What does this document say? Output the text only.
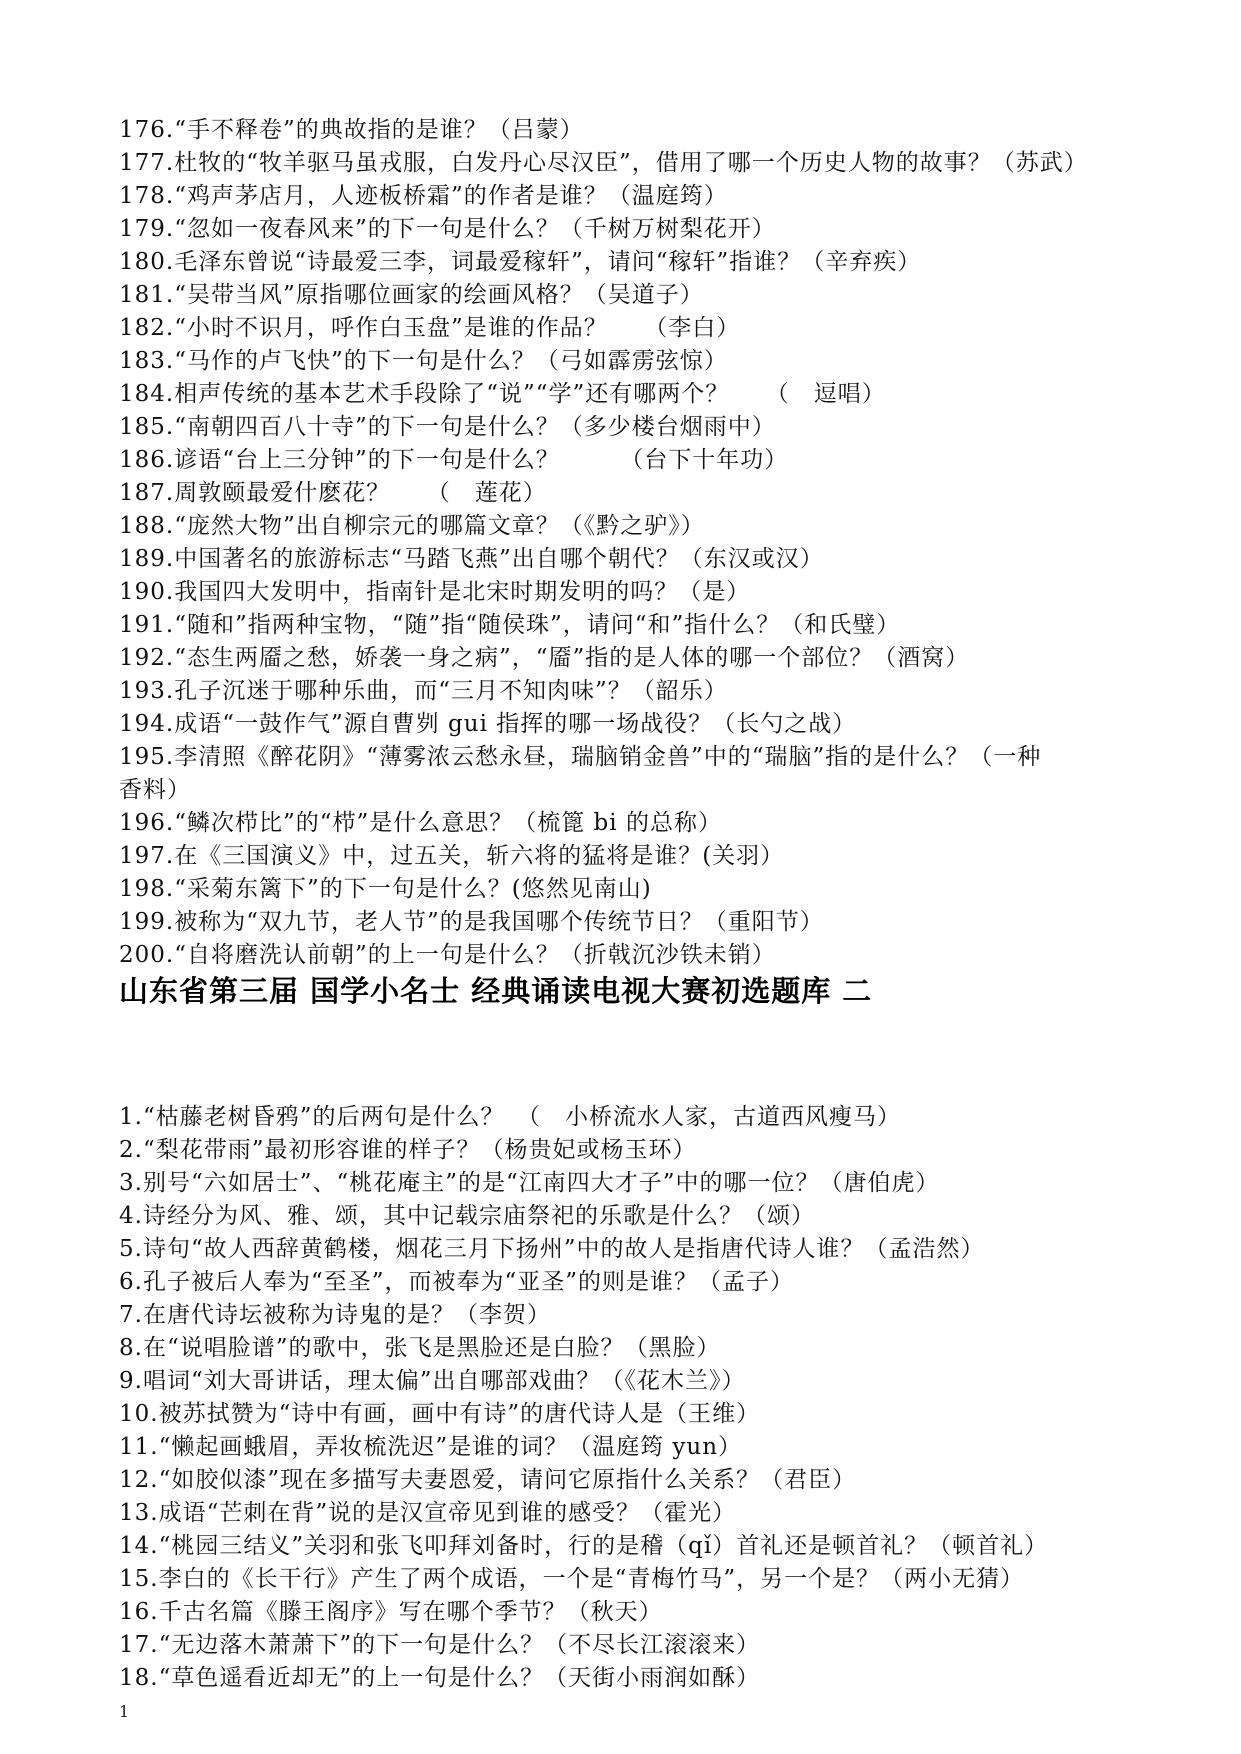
176.“手不释卷”的典故指的是谁？（吕蒙）
177.杜牧的“牧羊驱马虽戎服，白发丹心尽汉臣”，借用了哪一个历史人物的故事？（苏武）
178.“鸡声茅店月，人迹板桥霜”的作者是谁？（温庭筠）
179.“忽如一夜春风来”的下一句是什么？（千树万树梨花开）
180.毛泽东曾说“诗最爱三李，词最爱稼轩”，请问“稼轩”指谁？（辛弃疾）
181.“吴带当风”原指哪位画家的绘画风格？（吴道子）
182.“小时不识月，呼作白玉盘”是谁的作品？　　（李白）
183.“马作的卢飞快”的下一句是什么？（弓如霹雳弦惊）
184.相声传统的基本艺术手段除了“说”“学”还有哪两个？　　（　逗唱）
185.“南朝四百八十寺”的下一句是什么？（多少楼台烟雨中）
186.谚语“台上三分钟”的下一句是什么？　　　（台下十年功）
187.周敦颐最爱什麽花？　　（　莲花）
188.“庞然大物”出自柳宗元的哪篇文章？（《黔之驴》）
189.中国著名的旅游标志“马踏飞燕”出自哪个朝代？（东汉或汉）
190.我国四大发明中，指南针是北宋时期发明的吗？（是）
191.“随和”指两种宝物，“随”指“随侯珠”，请问“和”指什么？（和氏璧）
192.“态生两靥之愁，娇袭一身之病”，“靥”指的是人体的哪一个部位？（酒窝）
193.孔子沉迷于哪种乐曲，而“三月不知肉味”？（韶乐）
194.成语“一鼓作气”源自曹刿 gui 指挥的哪一场战役？（长勺之战）
195.李清照《醉花阴》“薄雾浓云愁永昼，瑞脑销金兽”中的“瑞脑”指的是什么？（一种
香料）
196.“鳞次栉比”的“栉”是什么意思？（梳篦 bi 的总称）
197.在《三国演义》中，过五关，斩六将的猛将是谁？(关羽）
198.“采菊东篱下”的下一句是什么？(悠然见南山)
199.被称为“双九节，老人节”的是我国哪个传统节日？（重阳节）
200.“自将磨洗认前朝”的上一句是什么？（折戟沉沙铁未销）
山东省第三届 国学小名士 经典诵读电视大赛初选题库 二
1.“枯藤老树昏鸦”的后两句是什么？　（　小桥流水人家，古道西风瘦马）
2.“梨花带雨”最初形容谁的样子？（杨贵妃或杨玉环）
3.别号“六如居士”、“桃花庵主”的是“江南四大才子”中的哪一位？（唐伯虎）
4.诗经分为风、雅、颂，其中记载宗庙祭祀的乐歌是什么？（颂）
5.诗句“故人西辞黄鹤楼，烟花三月下扬州”中的故人是指唐代诗人谁？（孟浩然）
6.孔子被后人奉为“至圣”，而被奉为“亚圣”的则是谁？（孟子）
7.在唐代诗坛被称为诗鬼的是？（李贺）
8.在“说唱脸谱”的歌中，张飞是黑脸还是白脸？（黑脸）
9.唱词“刘大哥讲话，理太偏”出自哪部戏曲？（《花木兰》）
10.被苏拭赞为“诗中有画，画中有诗”的唐代诗人是（王维）
11.“懒起画蛾眉，弄妆梳洗迟”是谁的词？（温庭筠 yun）
12.“如胶似漆”现在多描写夫妻恩爱，请问它原指什么关系？（君臣）
13.成语“芒刺在背”说的是汉宣帝见到谁的感受？（霍光）
14.“桃园三结义”关羽和张飞叩拜刘备时，行的是稽（qǐ）首礼还是顿首礼？（顿首礼）
15.李白的《长干行》产生了两个成语，一个是“青梅竹马”，另一个是？（两小无猜）
16.千古名篇《滕王阁序》写在哪个季节？（秋天）
17.“无边落木萧萧下”的下一句是什么？（不尽长江滚滚来）
18.“草色遥看近却无”的上一句是什么？（天街小雨润如酥）
1
